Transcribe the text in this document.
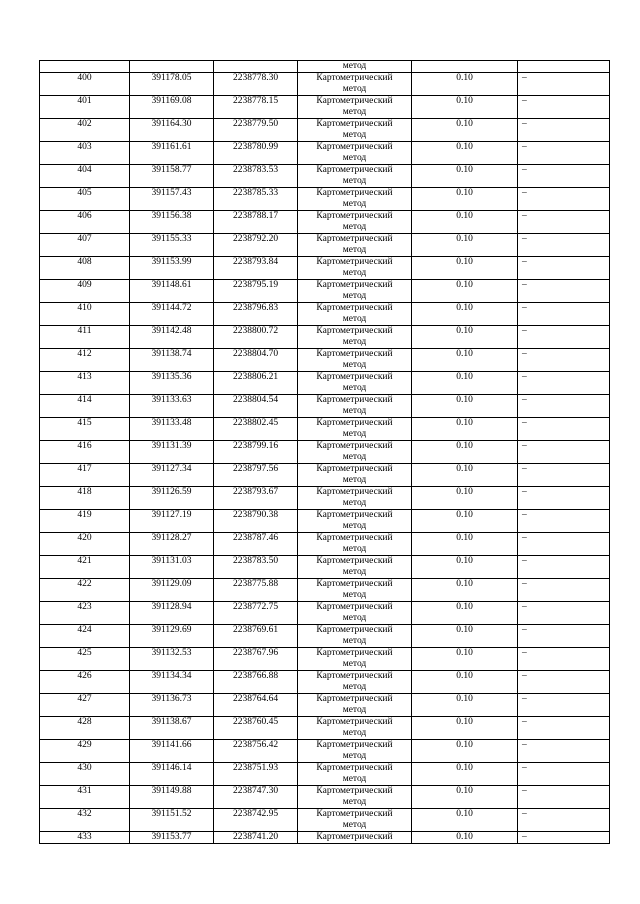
			метод		
400	391178.05	2238778.30	Картометрический
метод	0.10	–
401	391169.08	2238778.15	Картометрический
метод	0.10	–
402	391164.30	2238779.50	Картометрический
метод	0.10	–
403	391161.61	2238780.99	Картометрический
метод	0.10	–
404	391158.77	2238783.53	Картометрический
метод	0.10	–
405	391157.43	2238785.33	Картометрический
метод	0.10	–
406	391156.38	2238788.17	Картометрический
метод	0.10	–
407	391155.33	2238792.20	Картометрический
метод	0.10	–
408	391153.99	2238793.84	Картометрический
метод	0.10	–
409	391148.61	2238795.19	Картометрический
метод	0.10	–
410	391144.72	2238796.83	Картометрический
метод	0.10	–
411	391142.48	2238800.72	Картометрический
метод	0.10	–
412	391138.74	2238804.70	Картометрический
метод	0.10	–
413	391135.36	2238806.21	Картометрический
метод	0.10	–
414	391133.63	2238804.54	Картометрический
метод	0.10	–
415	391133.48	2238802.45	Картометрический
метод	0.10	–
416	391131.39	2238799.16	Картометрический
метод	0.10	–
417	391127.34	2238797.56	Картометрический
метод	0.10	–
418	391126.59	2238793.67	Картометрический
метод	0.10	–
419	391127.19	2238790.38	Картометрический
метод	0.10	–
420	391128.27	2238787.46	Картометрический
метод	0.10	–
421	391131.03	2238783.50	Картометрический
метод	0.10	–
422	391129.09	2238775.88	Картометрический
метод	0.10	–
423	391128.94	2238772.75	Картометрический
метод	0.10	–
424	391129.69	2238769.61	Картометрический
метод	0.10	–
425	391132.53	2238767.96	Картометрический
метод	0.10	–
426	391134.34	2238766.88	Картометрический
метод	0.10	–
427	391136.73	2238764.64	Картометрический
метод	0.10	–
428	391138.67	2238760.45	Картометрический
метод	0.10	–
429	391141.66	2238756.42	Картометрический
метод	0.10	–
430	391146.14	2238751.93	Картометрический
метод	0.10	–
431	391149.88	2238747.30	Картометрический
метод	0.10	–
432	391151.52	2238742.95	Картометрический
метод	0.10	–
433	391153.77	2238741.20	Картометрический	0.10	–
